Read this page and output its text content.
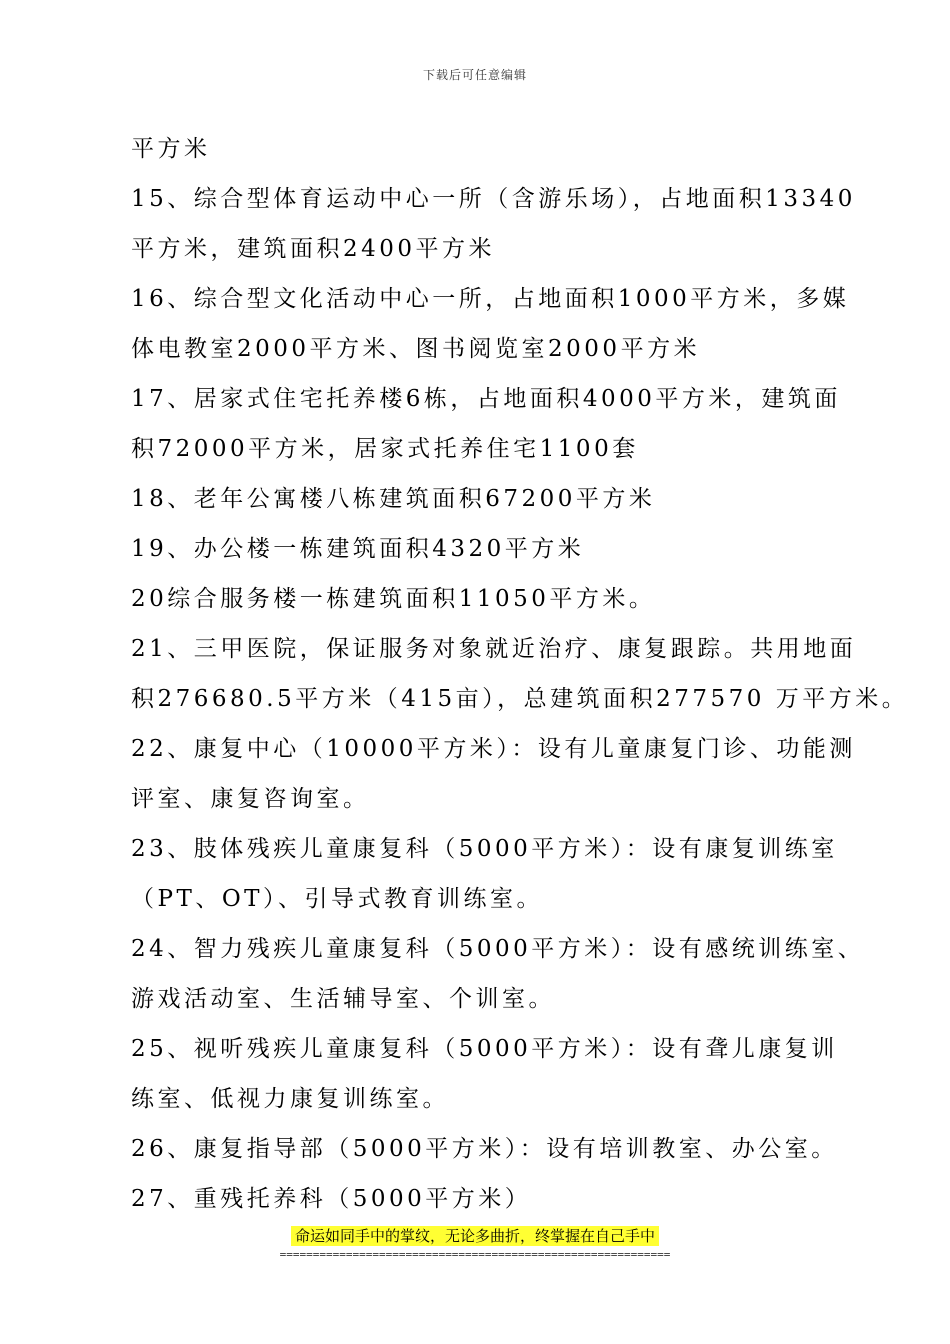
下载后可任意编辑
平方米
15、综合型体育运动中心一所（含游乐场），占地面积13340
平方米，建筑面积2400平方米
16、综合型文化活动中心一所，占地面积1000平方米，多媒
体电教室2000平方米、图书阅览室2000平方米
17、居家式住宅托养楼6栋，占地面积4000平方米，建筑面
积72000平方米，居家式托养住宅1100套
18、老年公寓楼八栋建筑面积67200平方米
19、办公楼一栋建筑面积4320平方米
20综合服务楼一栋建筑面积11050平方米。
21、三甲医院，保证服务对象就近治疗、康复跟踪。共用地面
积276680.5平方米（415亩），总建筑面积277570 万平方米。
22、康复中心（10000平方米）：设有儿童康复门诊、功能测
评室、康复咨询室。
23、肢体残疾儿童康复科（5000平方米）：设有康复训练室
（PT、OT）、引导式教育训练室。
24、智力残疾儿童康复科（5000平方米）：设有感统训练室、
游戏活动室、生活辅导室、个训室。
25、视听残疾儿童康复科（5000平方米）：设有聋儿康复训
练室、低视力康复训练室。
26、康复指导部（5000平方米）：设有培训教室、办公室。
27、重残托养科（5000平方米）
命运如同手中的掌纹，无论多曲折，终掌握在自己手中
===========================================================
